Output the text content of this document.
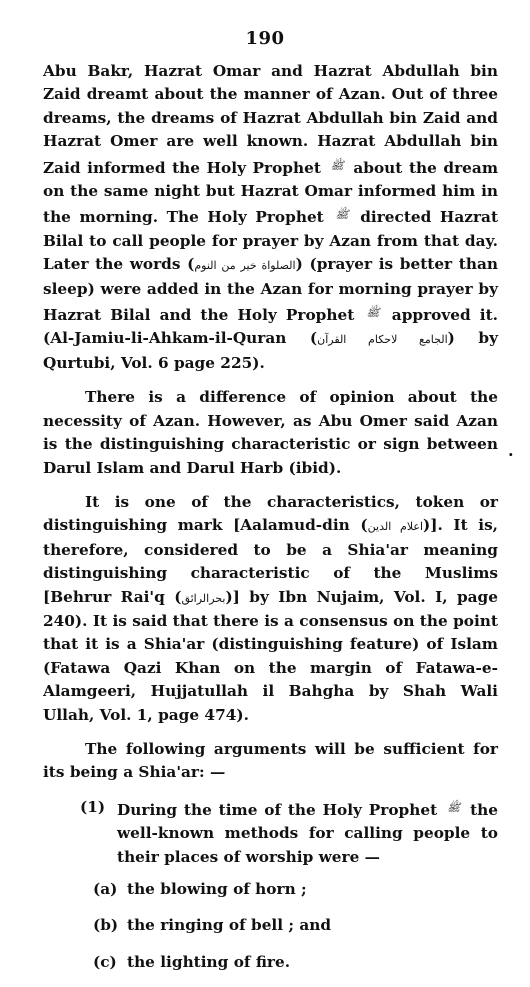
190

Abu Bakr, Hazrat Omar and Hazrat Abdullah bin Zaid dreamt about the manner of Azan. Out of three dreams, the dreams of Hazrat Abdullah bin Zaid and Hazrat Omer are well known. Hazrat Abdullah bin Zaid informed the Holy Prophet ﷺ about the dream on the same night but Hazrat Omar informed him in the morning. The Holy Prophet ﷺ directed Hazrat Bilal to call people for prayer by Azan from that day. Later the words (الصلواة خير من النوم) (prayer is better than sleep) were added in the Azan for morning prayer by Hazrat Bilal and the Holy Prophet ﷺ approved it. (Al-Jamiu-li-Ahkam-il-Quran (الجامع لاحكام القرآن) by Qurtubi, Vol. 6 page 225).

There is a difference of opinion about the necessity of Azan. However, as Abu Omer said Azan is the distinguishing characteristic or sign between Darul Islam and Darul Harb (ibid).

It is one of the characteristics, token or distinguishing mark [Aalamud-din (اعلام الدين)]. It is, therefore, considered to be a Shia'ar meaning distinguishing characteristic of the Muslims [Behrur Rai'q (بحرالرائق)] by Ibn Nujaim, Vol. I, page 240). It is said that there is a consensus on the point that it is a Shia'ar (distinguishing feature) of Islam (Fatawa Qazi Khan on the margin of Fatawa-e-Alamgeeri, Hujjatullah il Bahgha by Shah Wali Ullah, Vol. 1, page 474).

The following arguments will be sufficient for its being a Shia'ar: —

(1) During the time of the Holy Prophet ﷺ the well-known methods for calling people to their places of worship were —
(a) the blowing of horn ;
(b) the ringing of bell ; and
(c) the lighting of fire.
.
